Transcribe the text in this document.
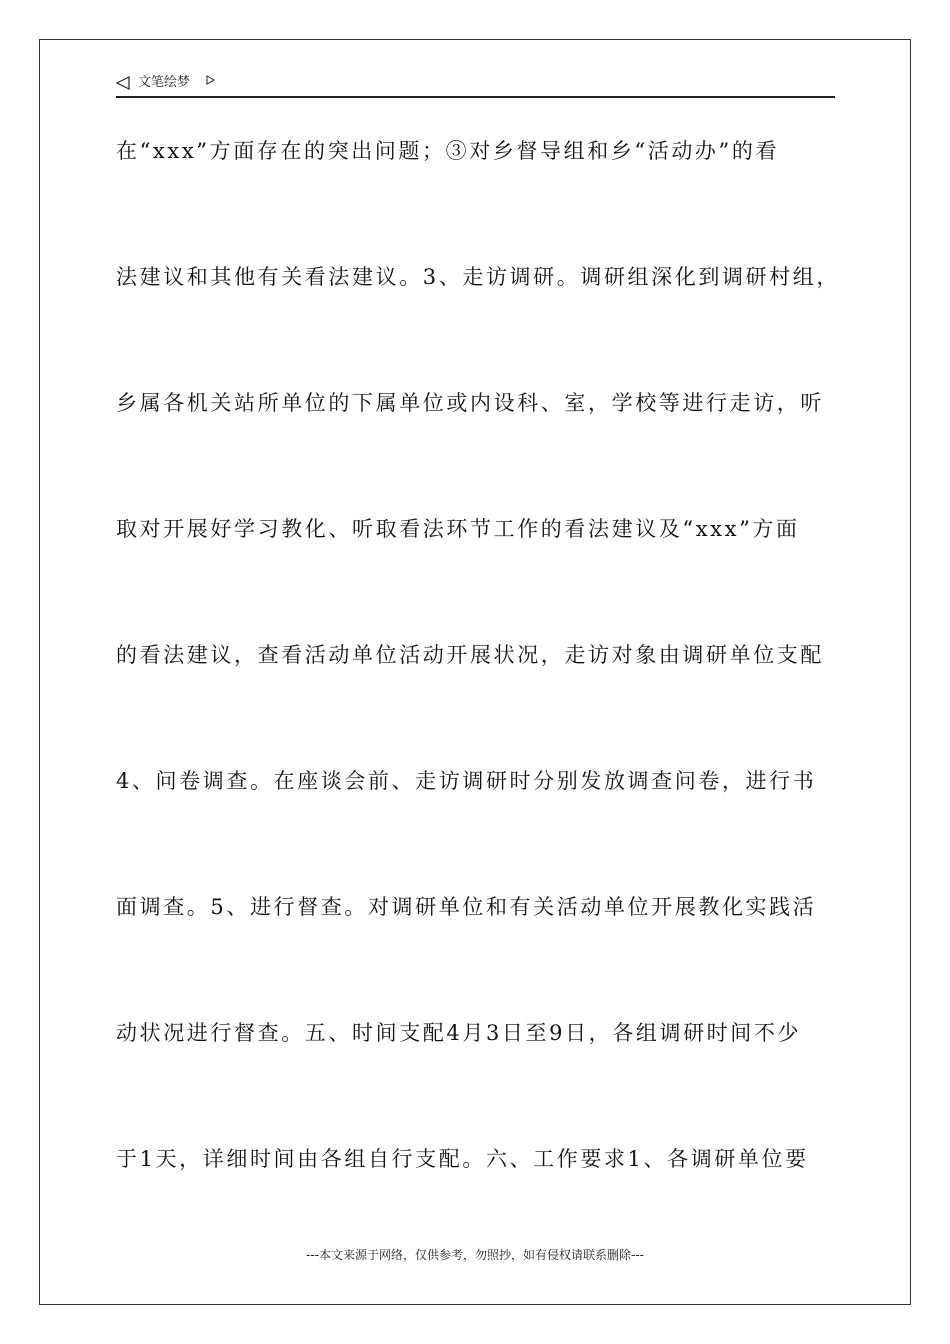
文笔绘梦
在“xxx”方面存在的突出问题；③对乡督导组和乡“活动办”的看
法建议和其他有关看法建议。3、走访调研。调研组深化到调研村组，
乡属各机关站所单位的下属单位或内设科、室，学校等进行走访，听
取对开展好学习教化、听取看法环节工作的看法建议及“xxx”方面
的看法建议，查看活动单位活动开展状况，走访对象由调研单位支配
4、问卷调查。在座谈会前、走访调研时分别发放调查问卷，进行书
面调查。5、进行督查。对调研单位和有关活动单位开展教化实践活
动状况进行督查。五、时间支配4月3日至9日，各组调研时间不少
于1天，详细时间由各组自行支配。六、工作要求1、各调研单位要
---本文来源于网络，仅供参考，勿照抄，如有侵权请联系删除---
